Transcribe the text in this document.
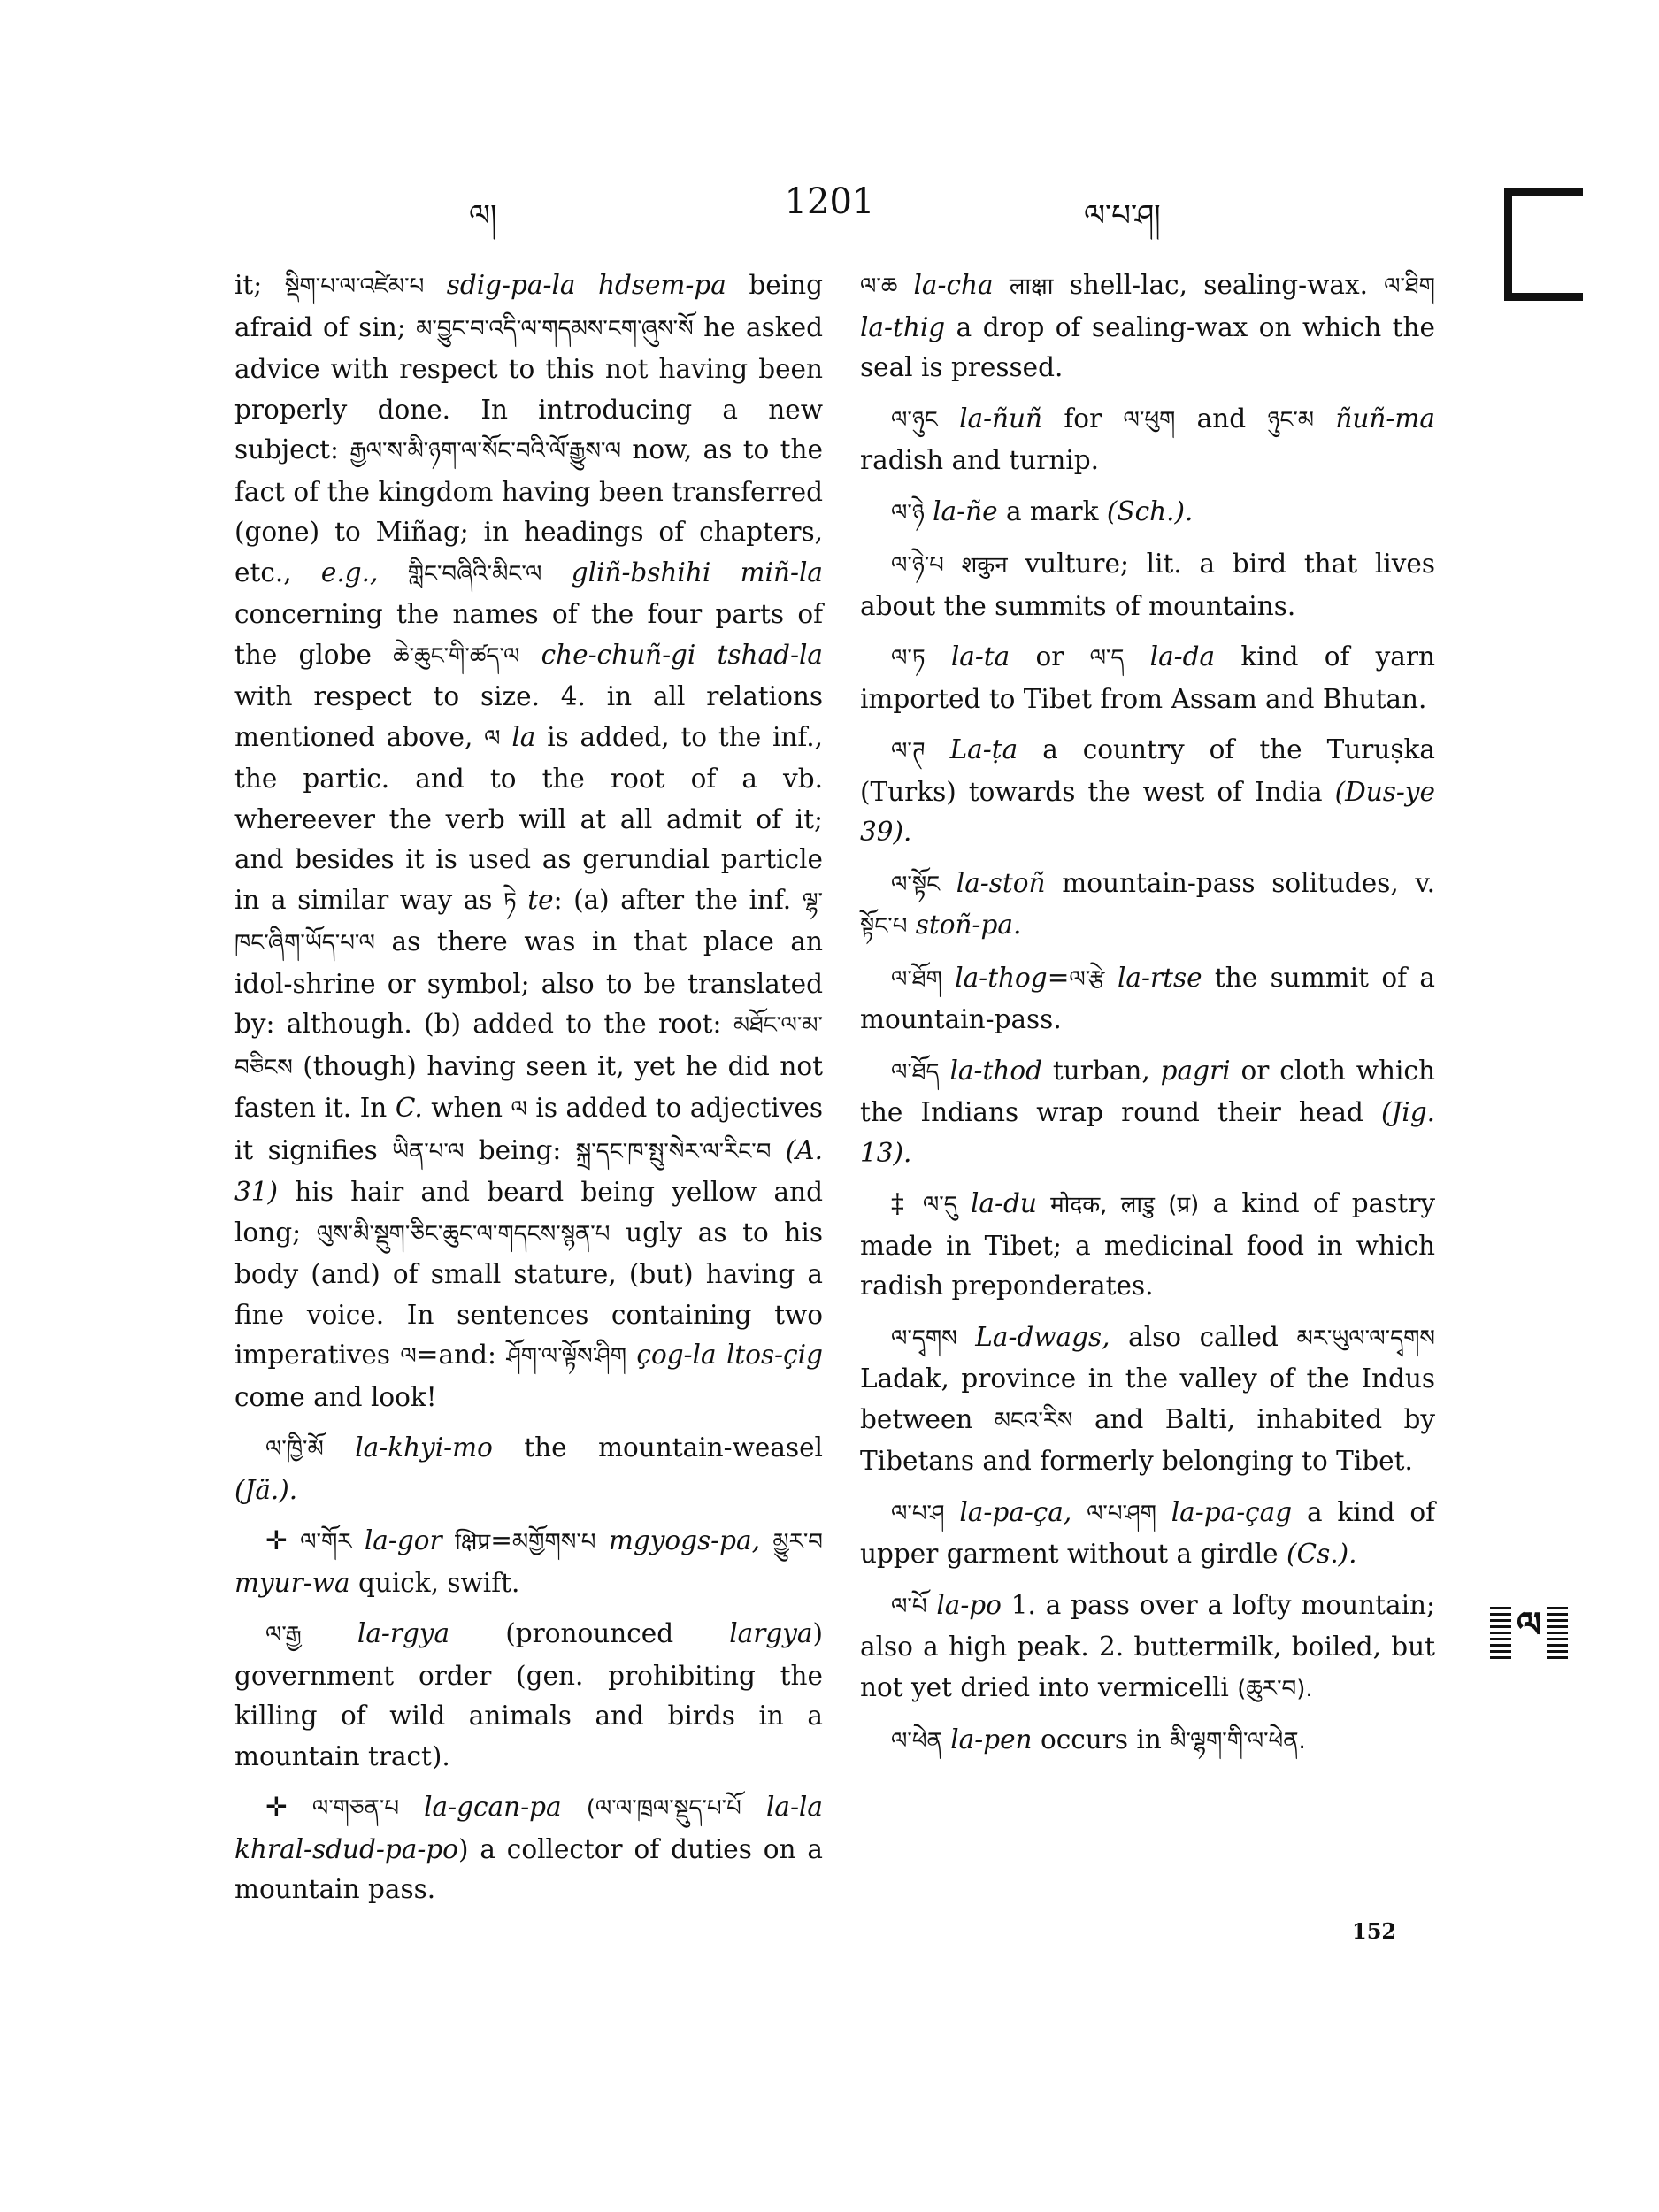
ལ།	1201	ལ་པ་ཤ།

it; སྡིག་པ་ལ་འཛེམ་པ sdig-pa-la hdsem-pa being afraid of sin; མ་བྱུང་བ་འདི་ལ་གདམས་ངག་ཞུས་སོ he asked advice with respect to this not having been properly done. In introducing a new subject: རྒྱལ་ས་མི་ཉག་ལ་སོང་བའི་ལོ་རྒྱུས་ལ now, as to the fact of the kingdom having been transferred (gone) to Miñag; in headings of chapters, etc., e.g., གླིང་བཞིའི་མིང་ལ gliñ-bshihi miñ-la concerning the names of the four parts of the globe ཆེ་ཆུང་གི་ཚད་ལ che-chuñ-gi tshad-la with respect to size. 4. in all relations mentioned above, ལ la is added, to the inf., the partic. and to the root of a vb. whereever the verb will at all admit of it; and besides it is used as gerundial particle in a similar way as ཏེ te: (a) after the inf. ལྷ་ཁང་ཞིག་ཡོད་པ་ལ as there was in that place an idol-shrine or symbol; also to be translated by: although. (b) added to the root: མཐོང་ལ་མ་བཅིངས (though) having seen it, yet he did not fasten it. In C. when ལ is added to adjectives it signifies ཡིན་པ་ལ being: སྐྲ་དང་ཁ་སྤུ་སེར་ལ་རིང་བ (A. 31) his hair and beard being yellow and long; ལུས་མི་སྡུག་ཅིང་ཆུང་ལ་གདངས་སྙན་པ ugly as to his body (and) of small stature, (but) having a fine voice. In sentences containing two imperatives ལ=and: ཤོག་ལ་ལྟོས་ཤིག çog-la ltos-çig come and look!

ལ་ཁྱི་མོ la-khyi-mo the mountain-weasel (Jä.).

✛ ལ་གོར la-gor क्षिप्र=མགྱོགས་པ mgyogs-pa, མྱུར་བ myur-wa quick, swift.

ལ་རྒྱ la-rgya (pronounced largya) government order (gen. prohibiting the killing of wild animals and birds in a mountain tract).

✛ ལ་གཅན་པ la-gcan-pa (ལ་ལ་ཁྲལ་སྡུད་པ་པོ la-la khral-sdud-pa-po) a collector of duties on a mountain pass.

ལ་ཆ la-cha लाक्षा shell-lac, sealing-wax. ལ་ཐིག la-thig a drop of sealing-wax on which the seal is pressed.

ལ་ཉུང la-ñuñ for ལ་ཕུག and ཉུང་མ ñuñ-ma radish and turnip.

ལ་ཉེ la-ñe a mark (Sch.).

ལ་ཉེ་པ शकुन vulture; lit. a bird that lives about the summits of mountains.

ལ་ཏ la-ta or ལ་ད la-da kind of yarn imported to Tibet from Assam and Bhutan.

ལ་ཊ La-ṭa a country of the Turuṣka (Turks) towards the west of India (Dus-ye 39).

ལ་སྟོང la-stoñ mountain-pass solitudes, v. སྟོང་པ stoñ-pa.

ལ་ཐོག la-thog=ལ་རྩེ la-rtse the summit of a mountain-pass.

ལ་ཐོད la-thod turban, pagri or cloth which the Indians wrap round their head (Jig. 13).

‡ ལ་དུ la-du मोदक, लाडु (प्र) a kind of pastry made in Tibet; a medicinal food in which radish preponderates.

ལ་དྭགས La-dwags, also called མར་ཡུལ་ལ་དྭགས Ladak, province in the valley of the Indus between མངའ་རིས and Balti, inhabited by Tibetans and formerly belonging to Tibet.

ལ་པ་ཤ la-pa-ça, ལ་པ་ཤག la-pa-çag a kind of upper garment without a girdle (Cs.).

ལ་པོ la-po 1. a pass over a lofty mountain; also a high peak. 2. buttermilk, boiled, but not yet dried into vermicelli (ཆུར་བ).

ལ་ཕེན la-pen occurs in མི་ལྷག་གི་ལ་ཕེན.

152
ལ
